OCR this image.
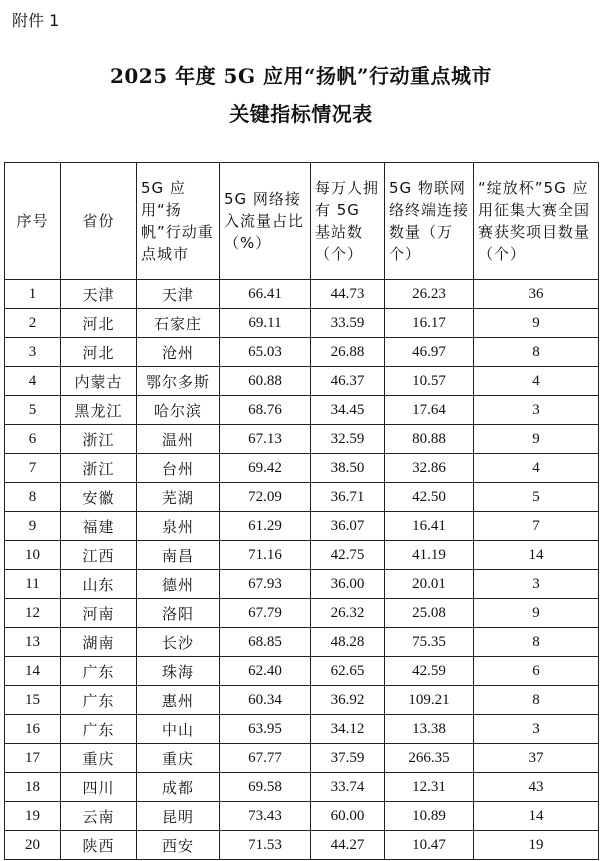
附件 1
2025 年度 5G 应用“扬帆”行动重点城市
关键指标情况表
序号	省份	5G 应用“扬帆”行动重点城市	5G 网络接入流量占比（%）	每万人拥有 5G 基站数（个）	5G 物联网络终端连接数量（万个）	“绽放杯”5G 应用征集大赛全国赛获奖项目数量（个）
1	天津	天津	66.41	44.73	26.23	36
2	河北	石家庄	69.11	33.59	16.17	9
3	河北	沧州	65.03	26.88	46.97	8
4	内蒙古	鄂尔多斯	60.88	46.37	10.57	4
5	黑龙江	哈尔滨	68.76	34.45	17.64	3
6	浙江	温州	67.13	32.59	80.88	9
7	浙江	台州	69.42	38.50	32.86	4
8	安徽	芜湖	72.09	36.71	42.50	5
9	福建	泉州	61.29	36.07	16.41	7
10	江西	南昌	71.16	42.75	41.19	14
11	山东	德州	67.93	36.00	20.01	3
12	河南	洛阳	67.79	26.32	25.08	9
13	湖南	长沙	68.85	48.28	75.35	8
14	广东	珠海	62.40	62.65	42.59	6
15	广东	惠州	60.34	36.92	109.21	8
16	广东	中山	63.95	34.12	13.38	3
17	重庆	重庆	67.77	37.59	266.35	37
18	四川	成都	69.58	33.74	12.31	43
19	云南	昆明	73.43	60.00	10.89	14
20	陕西	西安	71.53	44.27	10.47	19
